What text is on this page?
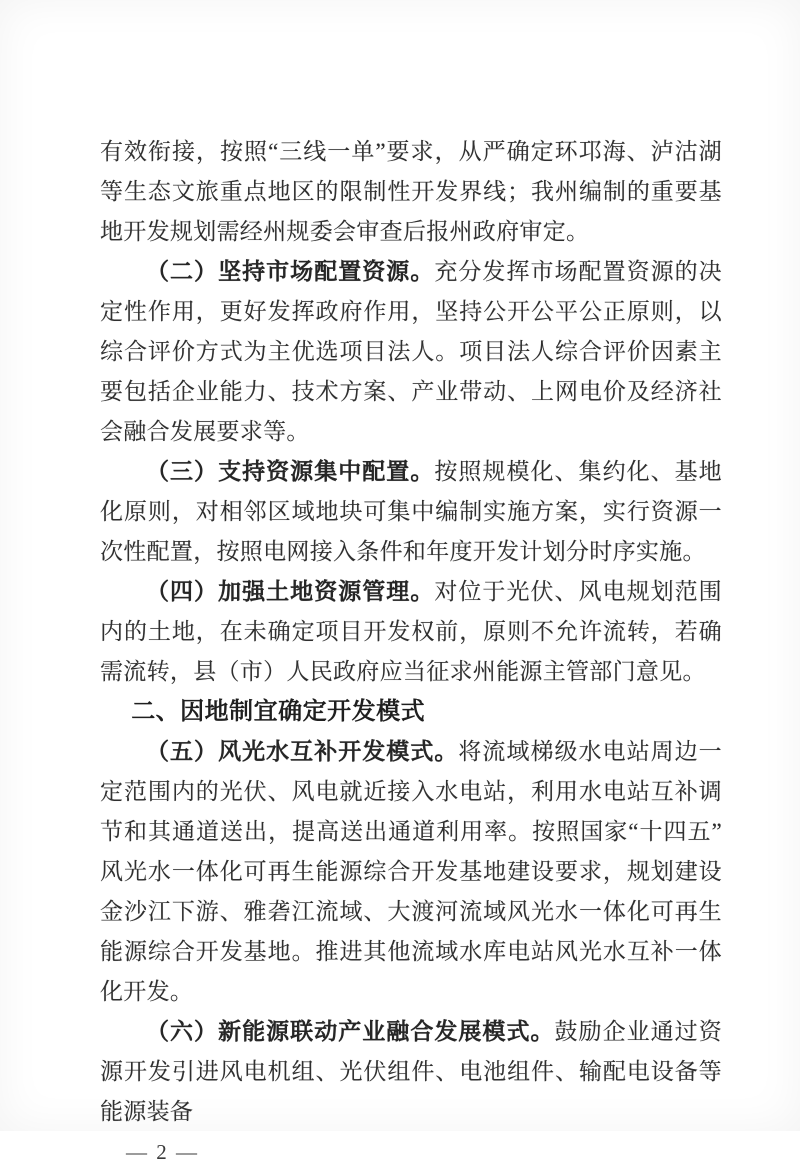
有效衔接，按照“三线一单”要求，从严确定环邛海、泸沽湖等生态文旅重点地区的限制性开发界线；我州编制的重要基地开发规划需经州规委会审查后报州政府审定。

（二）坚持市场配置资源。充分发挥市场配置资源的决定性作用，更好发挥政府作用，坚持公开公平公正原则，以综合评价方式为主优选项目法人。项目法人综合评价因素主要包括企业能力、技术方案、产业带动、上网电价及经济社会融合发展要求等。

（三）支持资源集中配置。按照规模化、集约化、基地化原则，对相邻区域地块可集中编制实施方案，实行资源一次性配置，按照电网接入条件和年度开发计划分时序实施。

（四）加强土地资源管理。对位于光伏、风电规划范围内的土地，在未确定项目开发权前，原则不允许流转，若确需流转，县（市）人民政府应当征求州能源主管部门意见。

二、因地制宜确定开发模式

（五）风光水互补开发模式。将流域梯级水电站周边一定范围内的光伏、风电就近接入水电站，利用水电站互补调节和其通道送出，提高送出通道利用率。按照国家“十四五”风光水一体化可再生能源综合开发基地建设要求，规划建设金沙江下游、雅砻江流域、大渡河流域风光水一体化可再生能源综合开发基地。推进其他流域水库电站风光水互补一体化开发。

（六）新能源联动产业融合发展模式。鼓励企业通过资源开发引进风电机组、光伏组件、电池组件、输配电设备等能源装备

— 2 —
